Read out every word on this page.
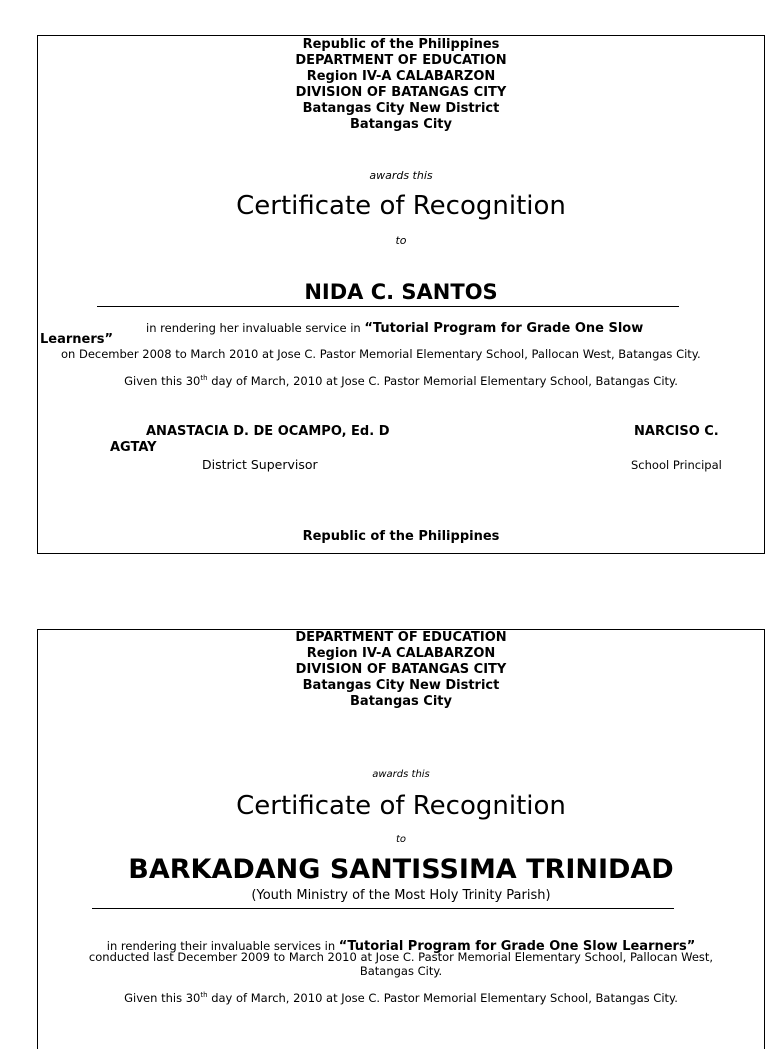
Republic of the Philippines
DEPARTMENT OF EDUCATION
Region IV-A CALABARZON
DIVISION OF BATANGAS CITY
Batangas City New District
Batangas City
awards this
Certificate of Recognition
to
NIDA C. SANTOS
in rendering her invaluable service in “Tutorial Program for Grade One Slow
Learners”
on December 2008 to March 2010 at Jose C. Pastor Memorial Elementary School, Pallocan West, Batangas City.
Given this 30th day of March, 2010 at Jose C. Pastor Memorial Elementary School, Batangas City.
ANASTACIA D. DE OCAMPO, Ed. D
AGTAY
District Supervisor
NARCISO C.
School Principal
Republic of the Philippines
DEPARTMENT OF EDUCATION
Region IV-A CALABARZON
DIVISION OF BATANGAS CITY
Batangas City New District
Batangas City
awards this
Certificate of Recognition
to
BARKADANG SANTISSIMA TRINIDAD
(Youth Ministry of the Most Holy Trinity Parish)
in rendering their invaluable services in “Tutorial Program for Grade One Slow Learners”
conducted last December 2009 to March 2010 at Jose C. Pastor Memorial Elementary School, Pallocan West,
Batangas City.
Given this 30th day of March, 2010 at Jose C. Pastor Memorial Elementary School, Batangas City.
